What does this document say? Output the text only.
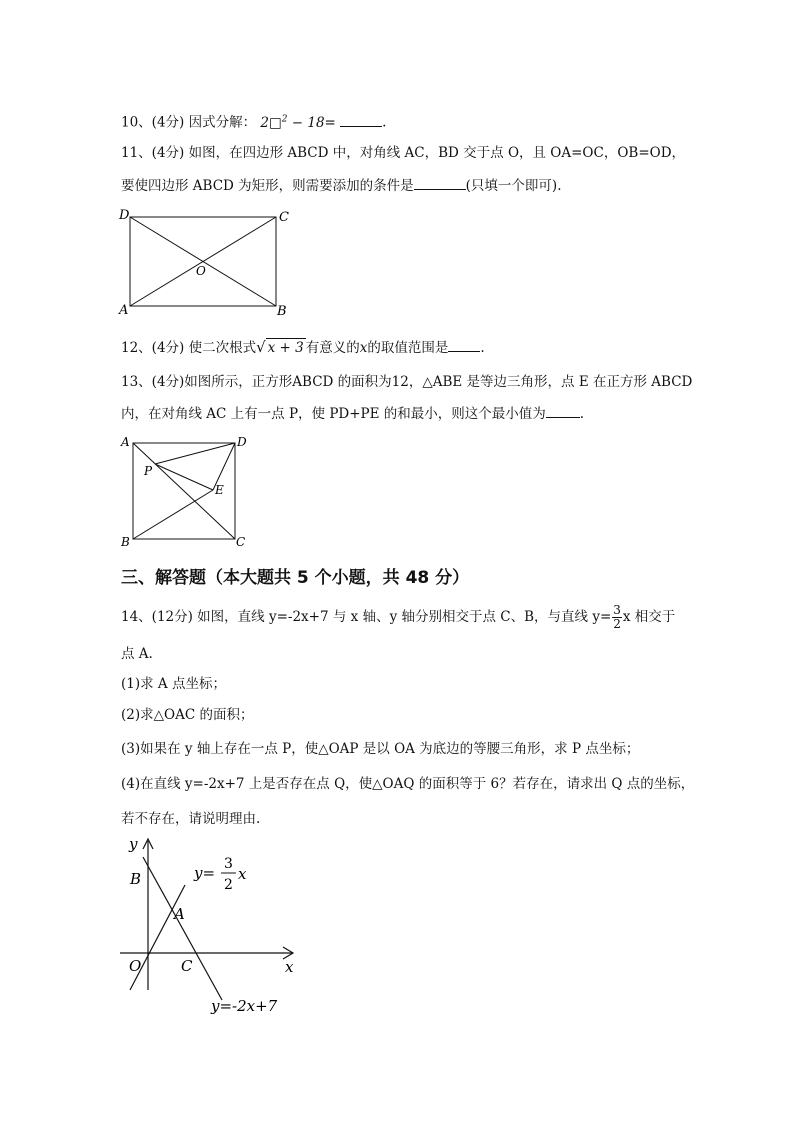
10、(4分) 因式分解： 2□$^2$ − 18=	.
11、(4分) 如图，在四边形 ABCD 中，对角线 AC，BD 交于点 O，且 OA=OC，OB=OD，
要使四边形 ABCD 为矩形，则需要添加的条件是	(只填一个即可).
D	C
A	B
O
12、(4分) 使二次根式√ x + 3 有意义的x的取值范围是 .
13、(4分)如图所示，正方形ABCD 的面积为12，△ABE 是等边三角形，点 E 在正方形 ABCD
内，在对角线 AC 上有一点 P，使 PD+PE 的和最小，则这个最小值为	.
A	D
P
E
B	C
三、解答题（本大题共 5 个小题，共 48 分）
14、(12分) 如图，直线 y=-2x+7 与 x 轴、y 轴分别相交于点 C、B，与直线 $y= \frac{3}{2}$ x 相交于
点 A.
(1)求 A 点坐标；
(2)求△OAC 的面积；
(3)如果在 y 轴上存在一点 P，使△OAP 是以 OA 为底边的等腰三角形，求 P 点坐标；
(4)在直线 y=-2x+7 上是否存在点 Q，使△OAQ 的面积等于 6？若存在，请求出 Q 点的坐标，
若不存在，请说明理由.
y
x
B
A
O	C
y= 3
2
x
y=-2x+7
